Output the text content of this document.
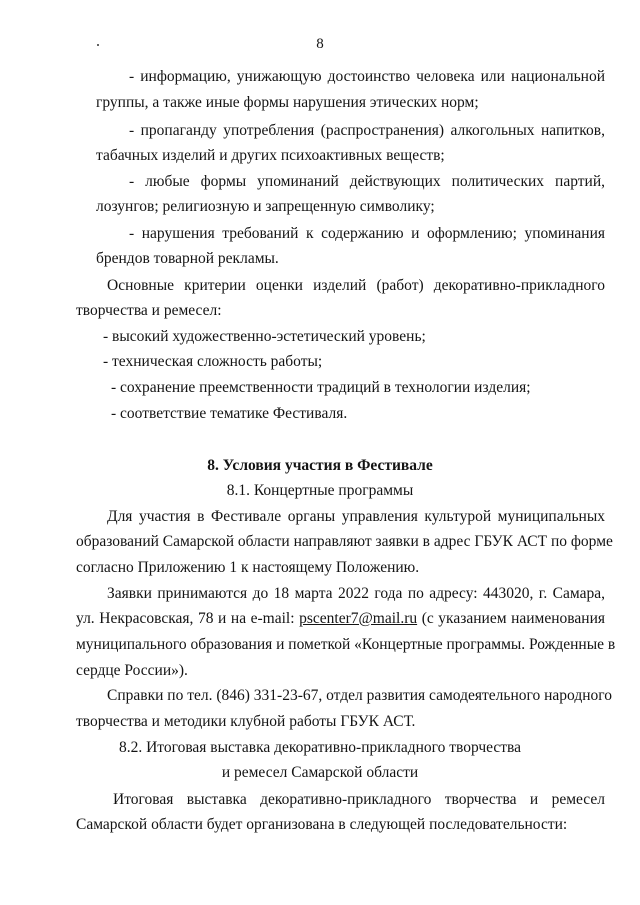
8
- информацию, унижающую достоинство человека или национальной
группы, а также иные формы нарушения этических норм;
- пропаганду употребления (распространения) алкогольных напитков,
табачных изделий и других психоактивных веществ;
- любые формы упоминаний действующих политических партий,
лозунгов; религиозную и запрещенную символику;
- нарушения требований к содержанию и оформлению; упоминания
брендов товарной рекламы.
Основные критерии оценки изделий (работ) декоративно-прикладного
творчества и ремесел:
- высокий художественно-эстетический уровень;
- техническая сложность работы;
- сохранение преемственности традиций в технологии изделия;
- соответствие тематике Фестиваля.
8. Условия участия в Фестивале
8.1. Концертные программы
Для участия в Фестивале органы управления культурой муниципальных
образований Самарской области направляют заявки в адрес ГБУК АСТ по форме
согласно Приложению 1 к настоящему Положению.
Заявки принимаются до 18 марта 2022 года по адресу: 443020, г. Самара,
ул. Некрасовская, 78 и на e-mail: pscenter7@mail.ru (с указанием наименования
муниципального образования и пометкой «Концертные программы. Рожденные в
сердце России»).
Справки по тел. (846) 331-23-67, отдел развития самодеятельного народного
творчества и методики клубной работы ГБУК АСТ.
8.2. Итоговая выставка декоративно-прикладного творчества
и ремесел Самарской области
Итоговая выставка декоративно-прикладного творчества и ремесел
Самарской области будет организована в следующей последовательности:
